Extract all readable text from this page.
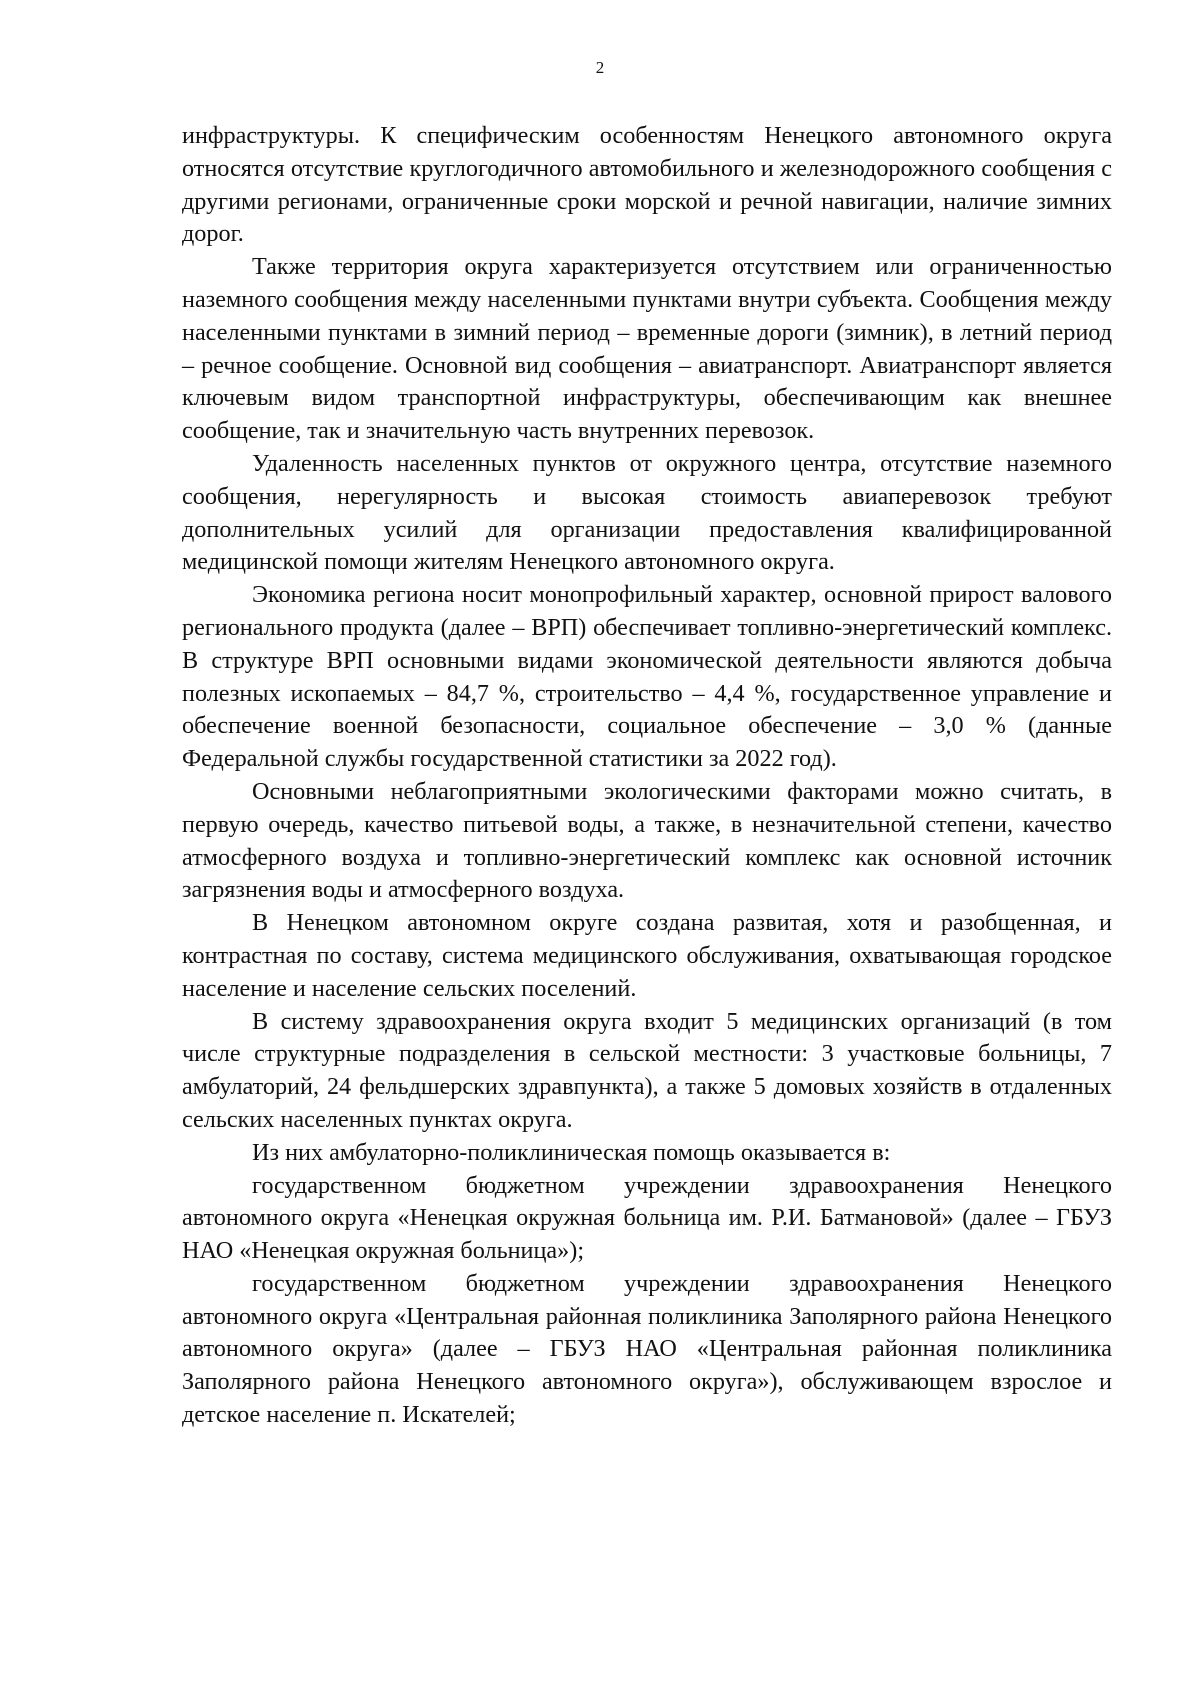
2

инфраструктуры. К специфическим особенностям Ненецкого автономного округа относятся отсутствие круглогодичного автомобильного и железнодорожного сообщения с другими регионами, ограниченные сроки морской и речной навигации, наличие зимних дорог.

Также территория округа характеризуется отсутствием или ограниченностью наземного сообщения между населенными пунктами внутри субъекта. Сообщения между населенными пунктами в зимний период – временные дороги (зимник), в летний период – речное сообщение. Основной вид сообщения – авиатранспорт. Авиатранспорт является ключевым видом транспортной инфраструктуры, обеспечивающим как внешнее сообщение, так и значительную часть внутренних перевозок.

Удаленность населенных пунктов от окружного центра, отсутствие наземного сообщения, нерегулярность и высокая стоимость авиаперевозок требуют дополнительных усилий для организации предоставления квалифицированной медицинской помощи жителям Ненецкого автономного округа.

Экономика региона носит монопрофильный характер, основной прирост валового регионального продукта (далее – ВРП) обеспечивает топливно-энергетический комплекс. В структуре ВРП основными видами экономической деятельности являются добыча полезных ископаемых – 84,7 %, строительство – 4,4 %, государственное управление и обеспечение военной безопасности, социальное обеспечение – 3,0 % (данные Федеральной службы государственной статистики за 2022 год).

Основными неблагоприятными экологическими факторами можно считать, в первую очередь, качество питьевой воды, а также, в незначительной степени, качество атмосферного воздуха и топливно-энергетический комплекс как основной источник загрязнения воды и атмосферного воздуха.

В Ненецком автономном округе создана развитая, хотя и разобщенная, и контрастная по составу, система медицинского обслуживания, охватывающая городское население и население сельских поселений.

В систему здравоохранения округа входит 5 медицинских организаций (в том числе структурные подразделения в сельской местности: 3 участковые больницы, 7 амбулаторий, 24 фельдшерских здравпункта), а также 5 домовых хозяйств в отдаленных сельских населенных пунктах округа.

Из них амбулаторно-поликлиническая помощь оказывается в:

государственном бюджетном учреждении здравоохранения Ненецкого автономного округа «Ненецкая окружная больница им. Р.И. Батмановой» (далее – ГБУЗ НАО «Ненецкая окружная больница»);

государственном бюджетном учреждении здравоохранения Ненецкого автономного округа «Центральная районная поликлиника Заполярного района Ненецкого автономного округа» (далее – ГБУЗ НАО «Центральная районная поликлиника Заполярного района Ненецкого автономного округа»), обслуживающем взрослое и детское население п. Искателей;
